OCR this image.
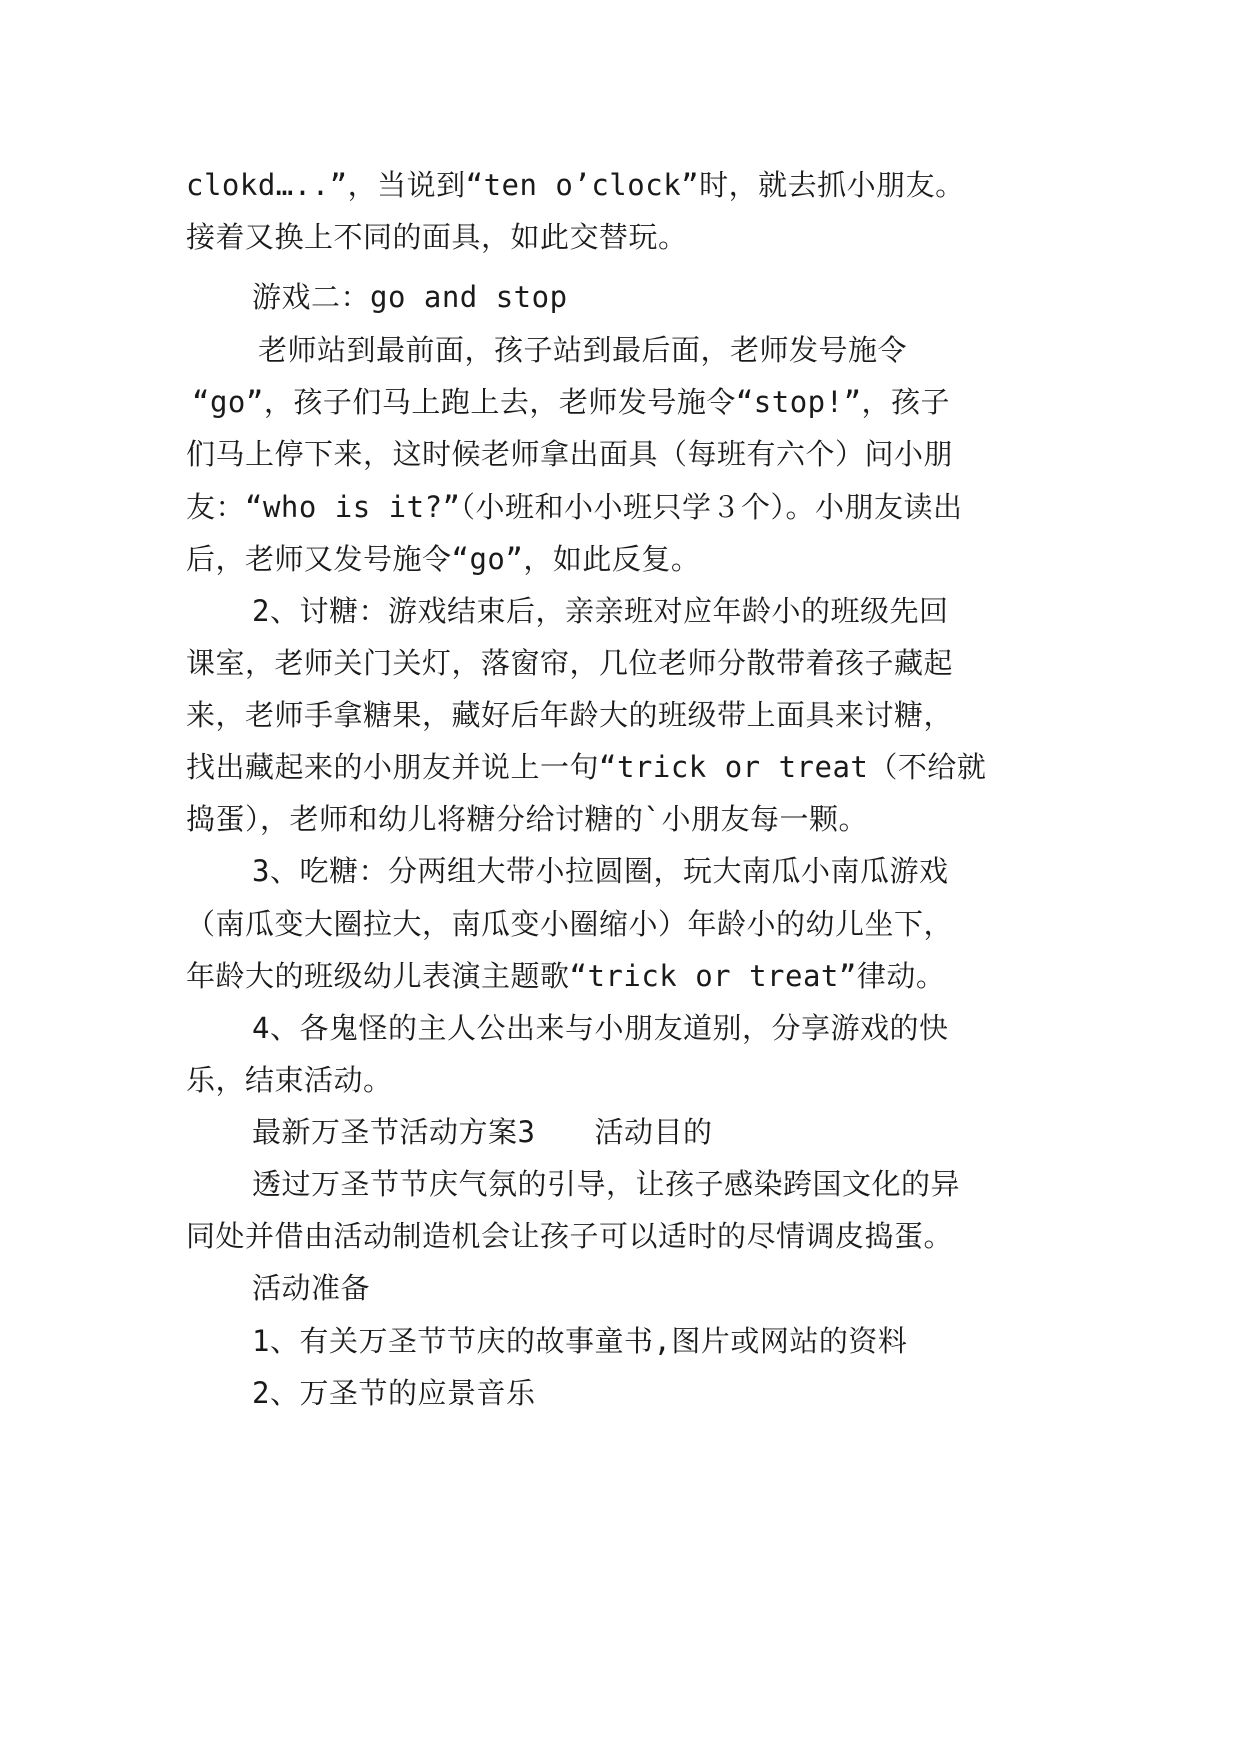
clokd…..”，当说到“ten o’clock”时，就去抓小朋友。
接着又换上不同的面具，如此交替玩。
游戏二：go and stop
老师站到最前面，孩子站到最后面，老师发号施令
“go”，孩子们马上跑上去，老师发号施令“stop!”，孩子
们马上停下来，这时候老师拿出面具（每班有六个）问小朋
友：“who is it?”（小班和小小班只学３个）。小朋友读出
后，老师又发号施令“go”，如此反复。
2、讨糖：游戏结束后，亲亲班对应年龄小的班级先回
课室，老师关门关灯，落窗帘，几位老师分散带着孩子藏起
来，老师手拿糖果，藏好后年龄大的班级带上面具来讨糖，
找出藏起来的小朋友并说上一句“trick or treat（不给就
捣蛋），老师和幼儿将糖分给讨糖的`小朋友每一颗。
3、吃糖：分两组大带小拉圆圈，玩大南瓜小南瓜游戏
（南瓜变大圈拉大，南瓜变小圈缩小）年龄小的幼儿坐下，
年龄大的班级幼儿表演主题歌“trick or treat”律动。
4、各鬼怪的主人公出来与小朋友道别，分享游戏的快
乐，结束活动。
最新万圣节活动方案3　　活动目的
透过万圣节节庆气氛的引导，让孩子感染跨国文化的异
同处并借由活动制造机会让孩子可以适时的尽情调皮捣蛋。
活动准备
1、有关万圣节节庆的故事童书,图片或网站的资料
2、万圣节的应景音乐
